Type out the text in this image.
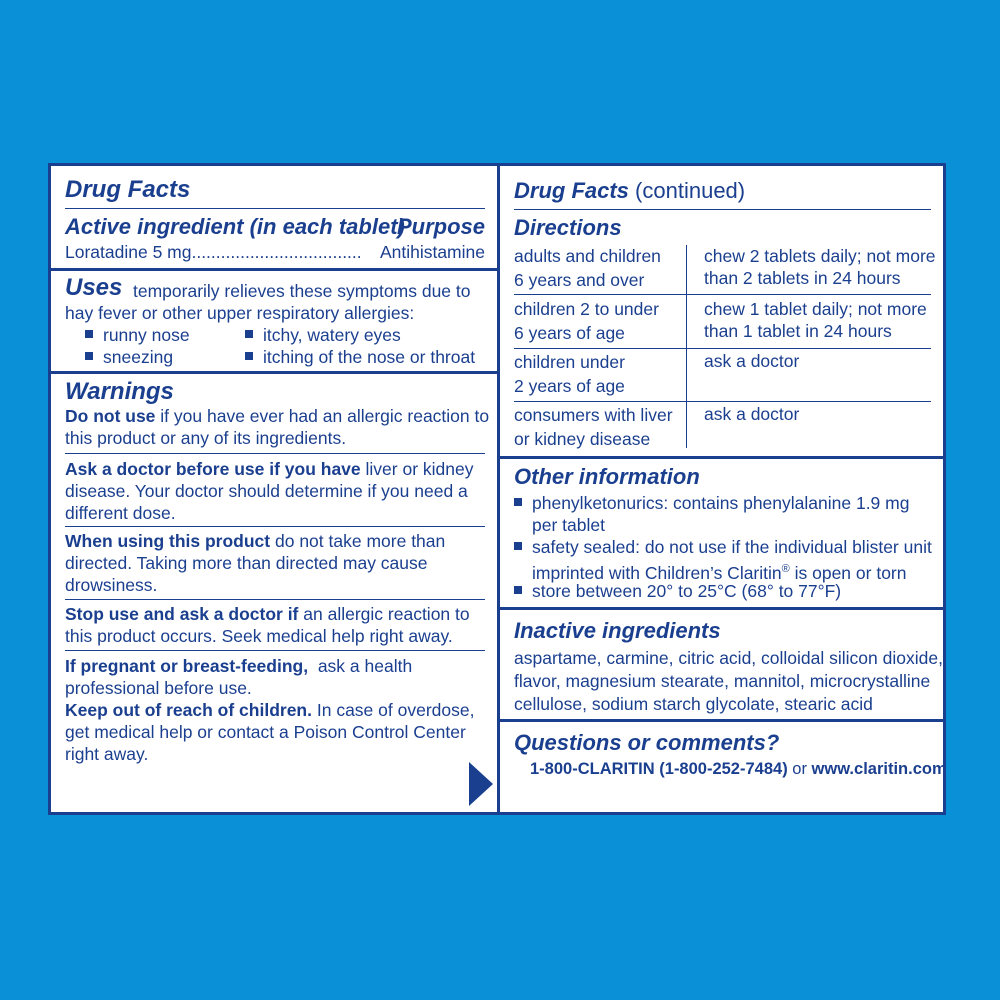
Drug Facts
Active ingredient (in each tablet)
Purpose
Loratadine 5 mg................................... Antihistamine
Uses temporarily relieves these symptoms due to
hay fever or other upper respiratory allergies:
runny nose	itchy, watery eyes
sneezing	itching of the nose or throat
Warnings
Do not use if you have ever had an allergic reaction to
this product or any of its ingredients.
Ask a doctor before use if you have liver or kidney
disease. Your doctor should determine if you need a
different dose.
When using this product do not take more than
directed. Taking more than directed may cause
drowsiness.
Stop use and ask a doctor if an allergic reaction to
this product occurs. Seek medical help right away.
If pregnant or breast-feeding, ask a health
professional before use.
Keep out of reach of children. In case of overdose,
get medical help or contact a Poison Control Center
right away.
Drug Facts (continued)
Directions
adults and children
6 years and over
chew 2 tablets daily; not more
than 2 tablets in 24 hours
children 2 to under
6 years of age
chew 1 tablet daily; not more
than 1 tablet in 24 hours
children under
2 years of age
ask a doctor
consumers with liver
or kidney disease
ask a doctor
Other information
phenylketonurics: contains phenylalanine 1.9 mg
per tablet
safety sealed: do not use if the individual blister unit
imprinted with Children’s Claritin® is open or torn
store between 20° to 25°C (68° to 77°F)
Inactive ingredients
aspartame, carmine, citric acid, colloidal silicon dioxide,
flavor, magnesium stearate, mannitol, microcrystalline
cellulose, sodium starch glycolate, stearic acid
Questions or comments?
1-800-CLARITIN (1-800-252-7484) or www.claritin.com
